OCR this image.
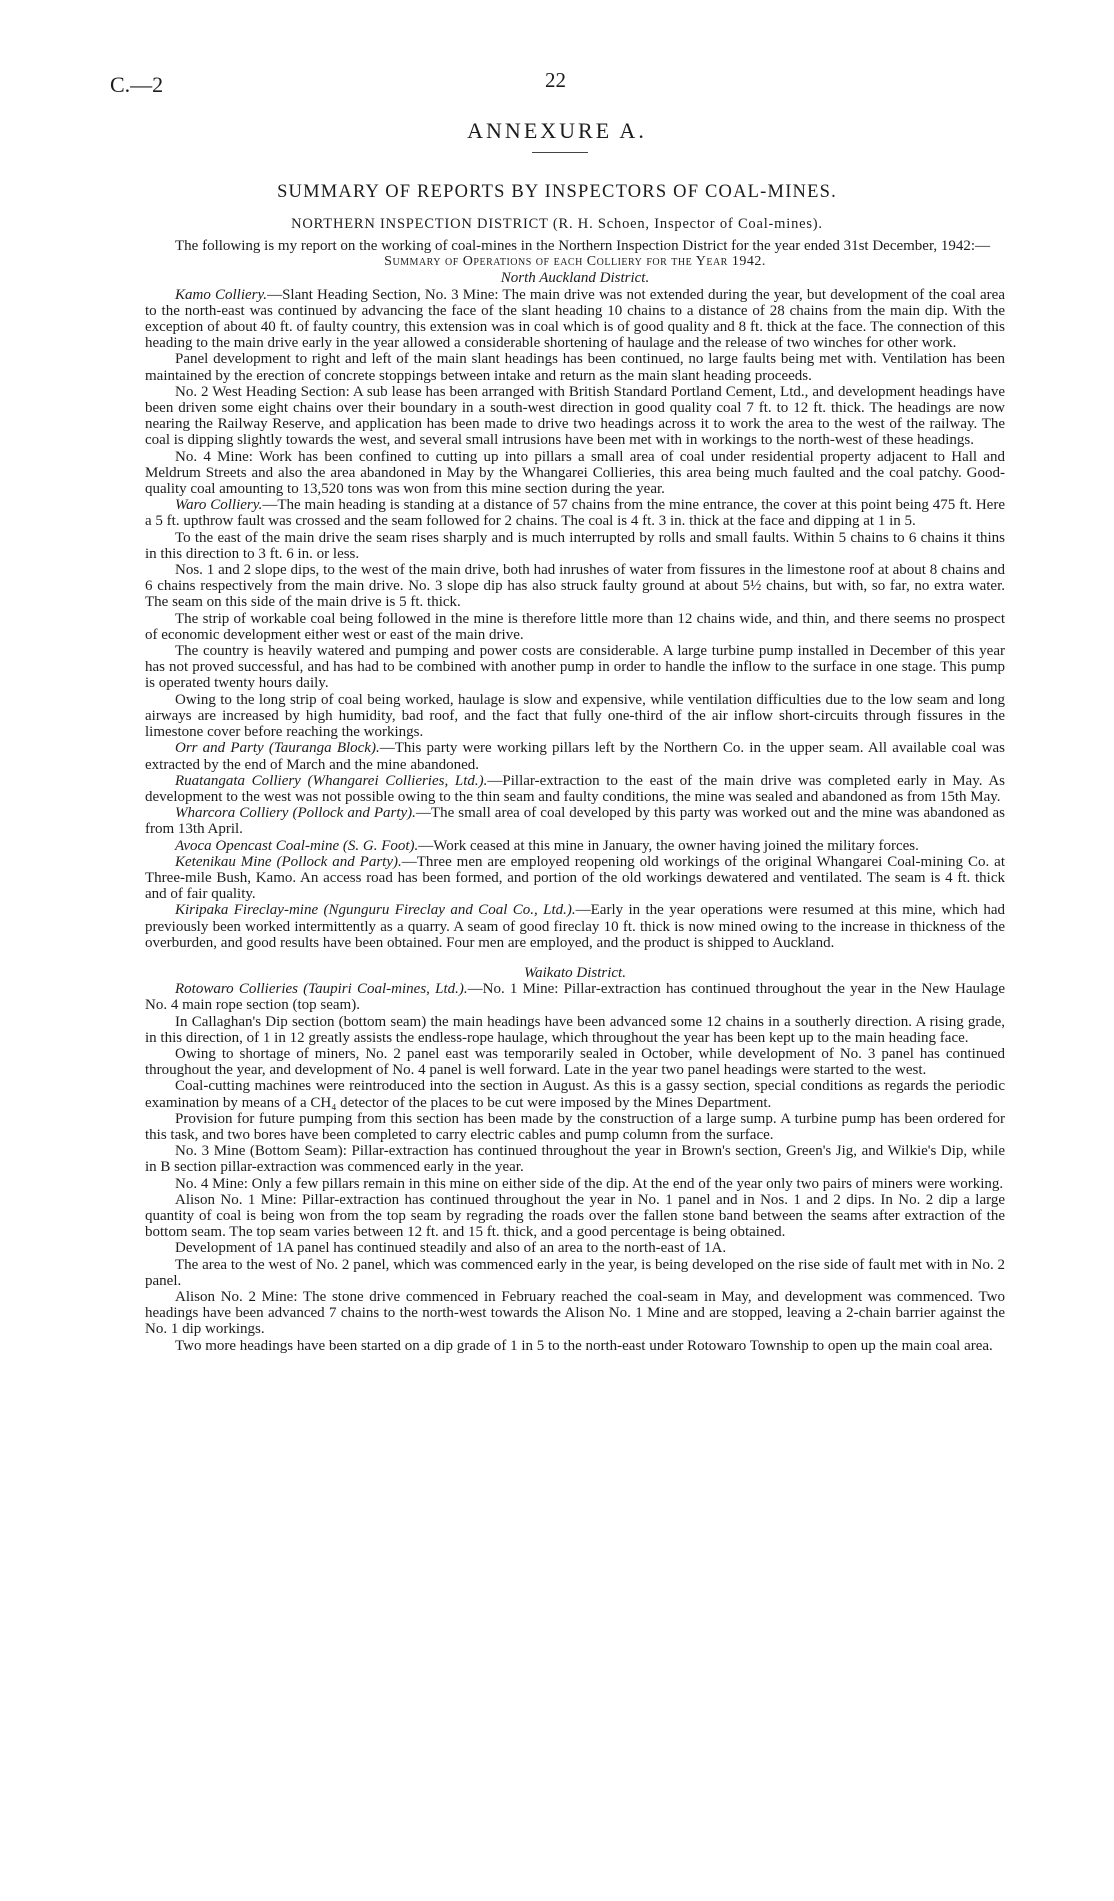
C.—2	22
ANNEXURE A.
SUMMARY OF REPORTS BY INSPECTORS OF COAL-MINES.
NORTHERN INSPECTION DISTRICT (R. H. Schoen, Inspector of Coal-mines).

The following is my report on the working of coal-mines in the Northern Inspection District for the year ended 31st December, 1942:—

Summary of Operations of each Colliery for the Year 1942.

North Auckland District.

Kamo Colliery.—Slant Heading Section, No. 3 Mine: The main drive was not extended during the year, but development of the coal area to the north-east was continued by advancing the face of the slant heading 10 chains to a distance of 28 chains from the main dip. With the exception of about 40 ft. of faulty country, this extension was in coal which is of good quality and 8 ft. thick at the face. The connection of this heading to the main drive early in the year allowed a considerable shortening of haulage and the release of two winches for other work.

Panel development to right and left of the main slant headings has been continued, no large faults being met with. Ventilation has been maintained by the erection of concrete stoppings between intake and return as the main slant heading proceeds.

No. 2 West Heading Section: A sub lease has been arranged with British Standard Portland Cement, Ltd., and development headings have been driven some eight chains over their boundary in a south-west direction in good quality coal 7 ft. to 12 ft. thick. The headings are now nearing the Railway Reserve, and application has been made to drive two headings across it to work the area to the west of the railway. The coal is dipping slightly towards the west, and several small intrusions have been met with in workings to the north-west of these headings.

No. 4 Mine: Work has been confined to cutting up into pillars a small area of coal under residential property adjacent to Hall and Meldrum Streets and also the area abandoned in May by the Whangarei Collieries, this area being much faulted and the coal patchy. Good-quality coal amounting to 13,520 tons was won from this mine section during the year.

Waro Colliery.—The main heading is standing at a distance of 57 chains from the mine entrance, the cover at this point being 475 ft. Here a 5 ft. upthrow fault was crossed and the seam followed for 2 chains. The coal is 4 ft. 3 in. thick at the face and dipping at 1 in 5.

To the east of the main drive the seam rises sharply and is much interrupted by rolls and small faults. Within 5 chains to 6 chains it thins in this direction to 3 ft. 6 in. or less.

Nos. 1 and 2 slope dips, to the west of the main drive, both had inrushes of water from fissures in the limestone roof at about 8 chains and 6 chains respectively from the main drive. No. 3 slope dip has also struck faulty ground at about 5½ chains, but with, so far, no extra water. The seam on this side of the main drive is 5 ft. thick.

The strip of workable coal being followed in the mine is therefore little more than 12 chains wide, and thin, and there seems no prospect of economic development either west or east of the main drive.

The country is heavily watered and pumping and power costs are considerable. A large turbine pump installed in December of this year has not proved successful, and has had to be combined with another pump in order to handle the inflow to the surface in one stage. This pump is operated twenty hours daily.

Owing to the long strip of coal being worked, haulage is slow and expensive, while ventilation difficulties due to the low seam and long airways are increased by high humidity, bad roof, and the fact that fully one-third of the air inflow short-circuits through fissures in the limestone cover before reaching the workings.

Orr and Party (Tauranga Block).—This party were working pillars left by the Northern Co. in the upper seam. All available coal was extracted by the end of March and the mine abandoned.

Ruatangata Colliery (Whangarei Collieries, Ltd.).—Pillar-extraction to the east of the main drive was completed early in May. As development to the west was not possible owing to the thin seam and faulty conditions, the mine was sealed and abandoned as from 15th May.

Wharcora Colliery (Pollock and Party).—The small area of coal developed by this party was worked out and the mine was abandoned as from 13th April.

Avoca Opencast Coal-mine (S. G. Foot).—Work ceased at this mine in January, the owner having joined the military forces.

Ketenikau Mine (Pollock and Party).—Three men are employed reopening old workings of the original Whangarei Coal-mining Co. at Three-mile Bush, Kamo. An access road has been formed, and portion of the old workings dewatered and ventilated. The seam is 4 ft. thick and of fair quality.

Kiripaka Fireclay-mine (Ngunguru Fireclay and Coal Co., Ltd.).—Early in the year operations were resumed at this mine, which had previously been worked intermittently as a quarry. A seam of good fireclay 10 ft. thick is now mined owing to the increase in thickness of the overburden, and good results have been obtained. Four men are employed, and the product is shipped to Auckland.

Waikato District.

Rotowaro Collieries (Taupiri Coal-mines, Ltd.).—No. 1 Mine: Pillar-extraction has continued throughout the year in the New Haulage No. 4 main rope section (top seam).

In Callaghan's Dip section (bottom seam) the main headings have been advanced some 12 chains in a southerly direction. A rising grade, in this direction, of 1 in 12 greatly assists the endless-rope haulage, which throughout the year has been kept up to the main heading face.

Owing to shortage of miners, No. 2 panel east was temporarily sealed in October, while development of No. 3 panel has continued throughout the year, and development of No. 4 panel is well forward. Late in the year two panel headings were started to the west.

Coal-cutting machines were reintroduced into the section in August. As this is a gassy section, special conditions as regards the periodic examination by means of a CH₄ detector of the places to be cut were imposed by the Mines Department.

Provision for future pumping from this section has been made by the construction of a large sump. A turbine pump has been ordered for this task, and two bores have been completed to carry electric cables and pump column from the surface.

No. 3 Mine (Bottom Seam): Pillar-extraction has continued throughout the year in Brown's section, Green's Jig, and Wilkie's Dip, while in B section pillar-extraction was commenced early in the year.

No. 4 Mine: Only a few pillars remain in this mine on either side of the dip. At the end of the year only two pairs of miners were working.

Alison No. 1 Mine: Pillar-extraction has continued throughout the year in No. 1 panel and in Nos. 1 and 2 dips. In No. 2 dip a large quantity of coal is being won from the top seam by regrading the roads over the fallen stone band between the seams after extraction of the bottom seam. The top seam varies between 12 ft. and 15 ft. thick, and a good percentage is being obtained.

Development of 1A panel has continued steadily and also of an area to the north-east of 1A.

The area to the west of No. 2 panel, which was commenced early in the year, is being developed on the rise side of fault met with in No. 2 panel.

Alison No. 2 Mine: The stone drive commenced in February reached the coal-seam in May, and development was commenced. Two headings have been advanced 7 chains to the north-west towards the Alison No. 1 Mine and are stopped, leaving a 2-chain barrier against the No. 1 dip workings.

Two more headings have been started on a dip grade of 1 in 5 to the north-east under Rotowaro Township to open up the main coal area.
